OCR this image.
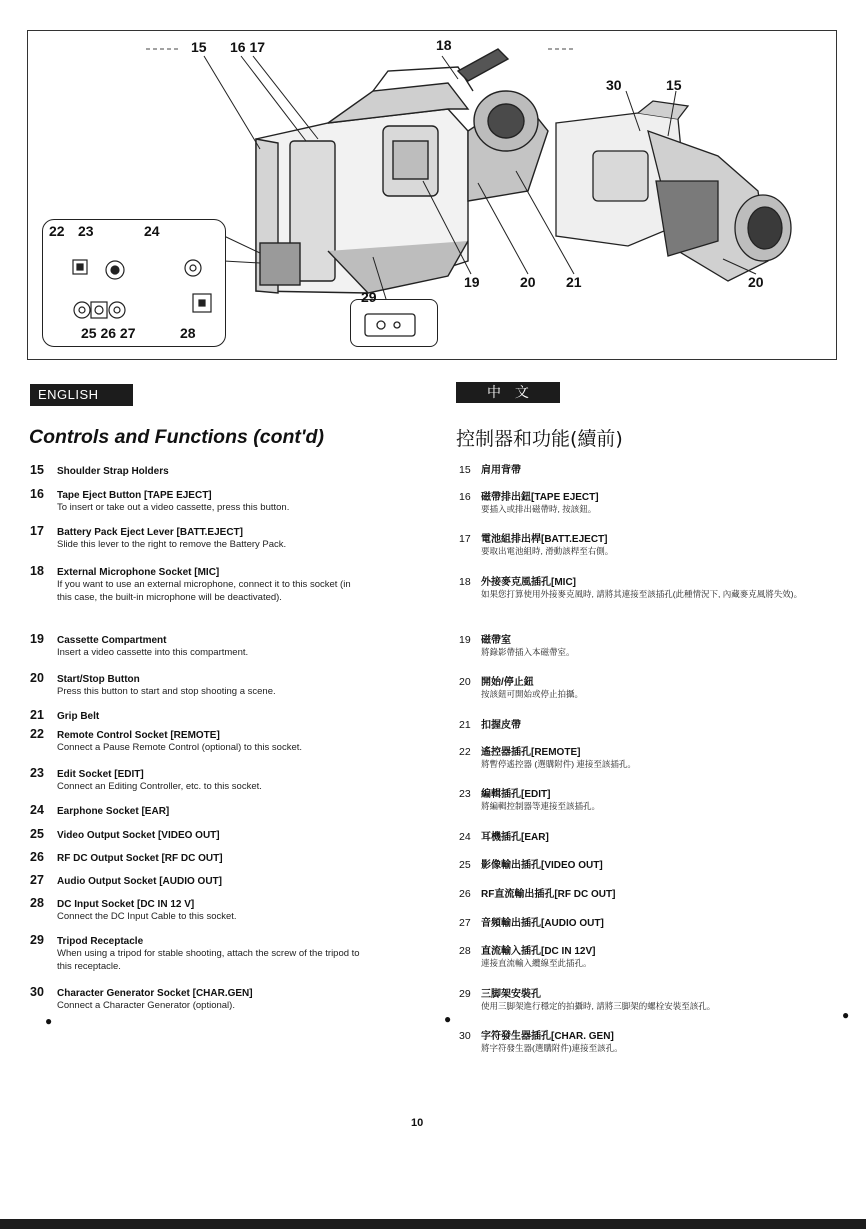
15 16 17	18
30	15
22 23	24
19	20 21	20
29
25 26 27	28
ENGLISH	中 文
Controls and Functions (cont'd)	控制器和功能(續前)
15	Shoulder Strap Holders
16	Tape Eject Button [TAPE EJECT]
To insert or take out a video cassette, press this button.
17	Battery Pack Eject Lever [BATT.EJECT]
Slide this lever to the right to remove the Battery Pack.
18	External Microphone Socket [MIC]
If you want to use an external microphone, connect it to this socket (in this case, the built-in microphone will be deactivated).
19	Cassette Compartment
Insert a video cassette into this compartment.
20	Start/Stop Button
Press this button to start and stop shooting a scene.
21	Grip Belt
22	Remote Control Socket [REMOTE]
Connect a Pause Remote Control (optional) to this socket.
23	Edit Socket [EDIT]
Connect an Editing Controller, etc. to this socket.
24	Earphone Socket [EAR]
25	Video Output Socket [VIDEO OUT]
26	RF DC Output Socket [RF DC OUT]
27	Audio Output Socket [AUDIO OUT]
28	DC Input Socket [DC IN 12 V]
Connect the DC Input Cable to this socket.
29	Tripod Receptacle
When using a tripod for stable shooting, attach the screw of the tripod to this receptacle.
30	Character Generator Socket [CHAR.GEN]
Connect a Character Generator (optional).
15	肩用背帶
16	磁帶排出鈕[TAPE EJECT]
要插入或排出磁帶時, 按該鈕。
17	電池組排出桿[BATT.EJECT]
要取出電池組時, 滑動該桿至右側。
18	外接麥克風插孔[MIC]
如果您打算使用外接麥克風時, 請將其連接至該插孔(此種情況下, 內藏麥克風將失效)。
19	磁帶室
將錄影帶插入本磁帶室。
20	開始/停止鈕
按該鈕可開始或停止拍攝。
21	扣握皮帶
22	遙控器插孔[REMOTE]
將暫停遙控器 (選購附件) 連接至該插孔。
23	編輯插孔[EDIT]
將編輯控制器等連接至該插孔。
24	耳機插孔[EAR]
25	影像輸出插孔[VIDEO OUT]
26	RF直流輸出插孔[RF DC OUT]
27	音頻輸出插孔[AUDIO OUT]
28	直流輸入插孔[DC IN 12V]
連接直流輸入纜線至此插孔。
29	三脚架安裝孔
使用三脚架進行穩定的拍攝時, 請將三脚架的螺栓安裝至該孔。
30	字符發生器插孔[CHAR. GEN]
將字符發生器(選購附件)連接至該孔。
●	●	●
10
